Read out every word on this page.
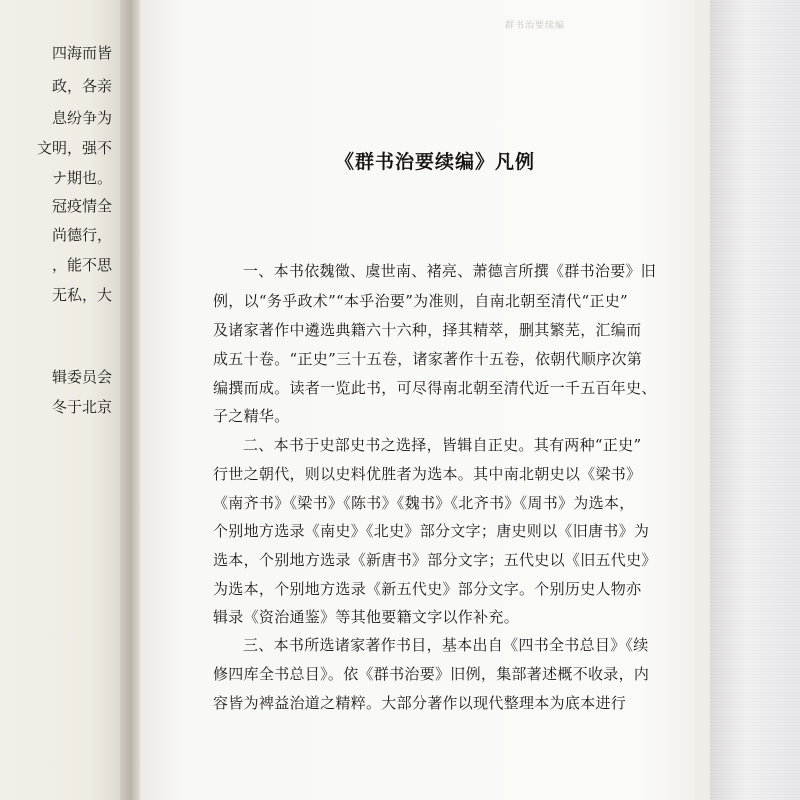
四海而皆
政，各亲
息纷争为
文明，强不
ナ期也。
冠疫情全
尚德行，
，能不思
无私，大
辑委员会
冬于北京
群书治要续编
《群书治要续编》凡例
一、本书依魏徵、虞世南、褚亮、萧德言所撰《群书治要》旧
例，以“务乎政术”“本乎治要”为准则，自南北朝至清代“正史”
及诸家著作中遴选典籍六十六种，择其精萃，删其繁芜，汇编而
成五十卷。“正史”三十五卷，诸家著作十五卷，依朝代顺序次第
编撰而成。读者一览此书，可尽得南北朝至清代近一千五百年史、
子之精华。
二、本书于史部史书之选择，皆辑自正史。其有两种“正史”
行世之朝代，则以史料优胜者为选本。其中南北朝史以《梁书》
《南齐书》《梁书》《陈书》《魏书》《北齐书》《周书》为选本，
个别地方选录《南史》《北史》部分文字；唐史则以《旧唐书》为
选本，个别地方选录《新唐书》部分文字；五代史以《旧五代史》
为选本，个别地方选录《新五代史》部分文字。个别历史人物亦
辑录《资治通鉴》等其他要籍文字以作补充。
三、本书所选诸家著作书目，基本出自《四书全书总目》《续
修四库全书总目》。依《群书治要》旧例，集部著述概不收录，内
容皆为裨益治道之精粹。大部分著作以现代整理本为底本进行
